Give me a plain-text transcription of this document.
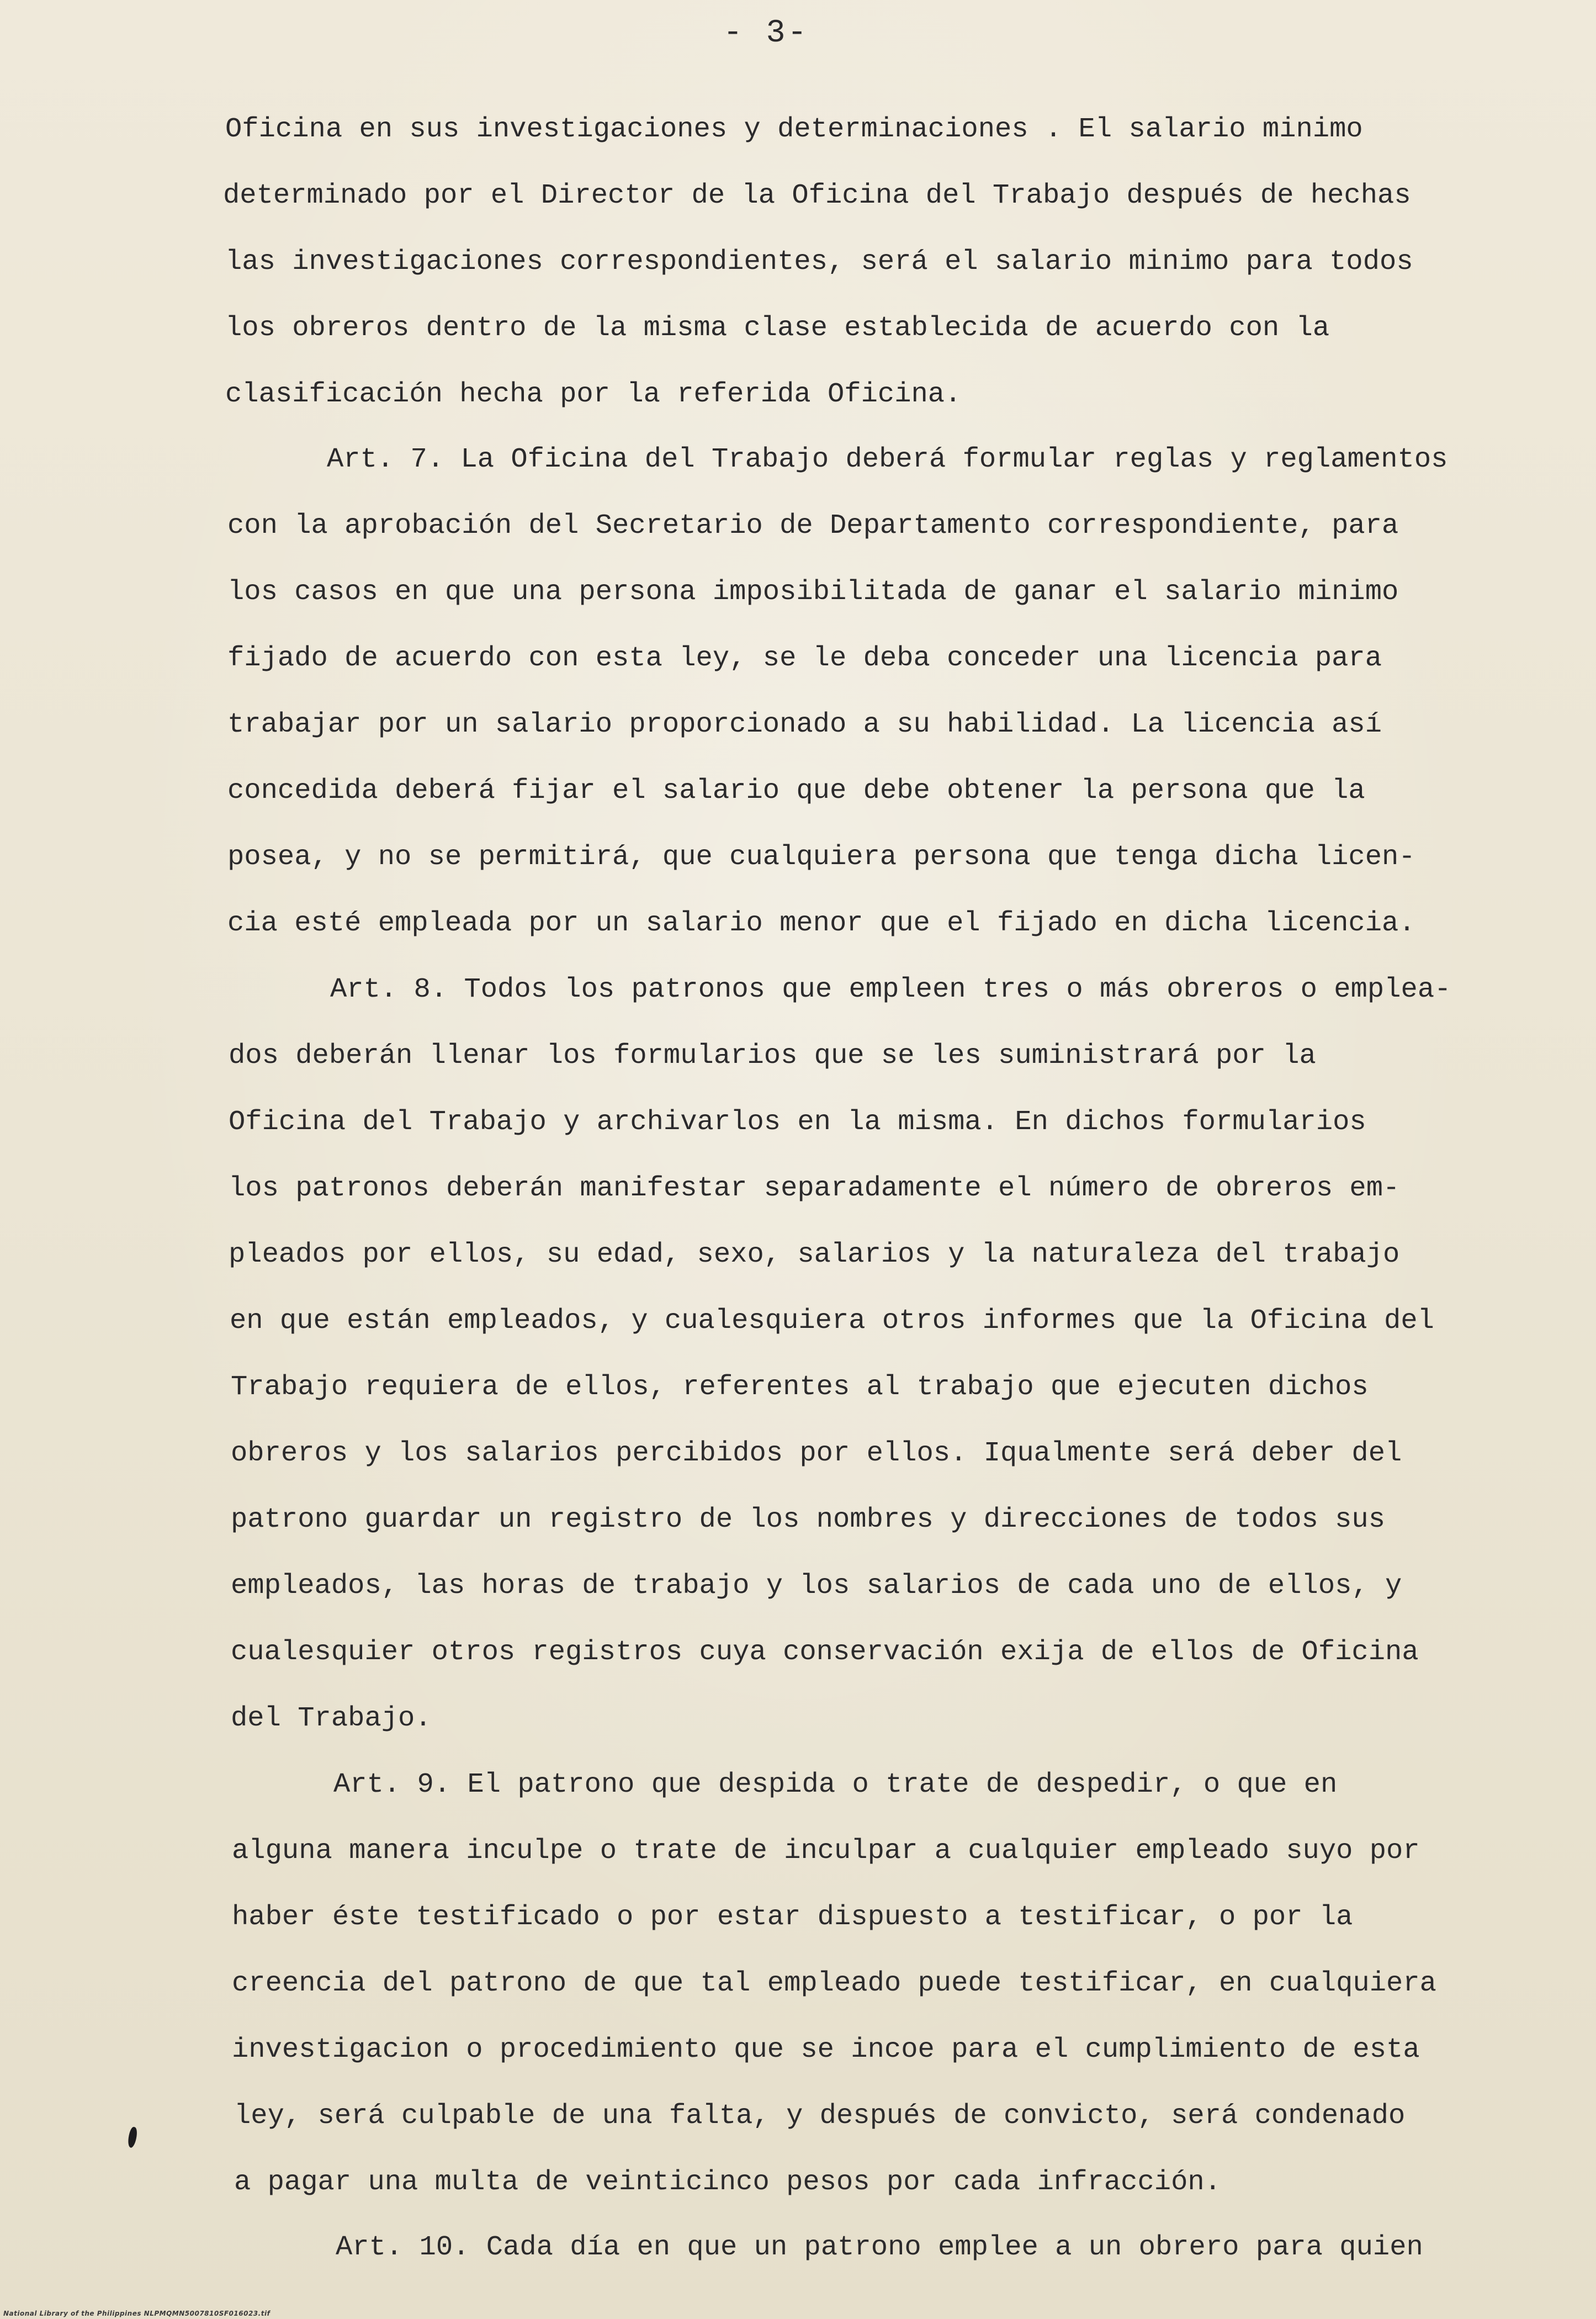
- 3-
Oficina en sus investigaciones y determinaciones . El salario minimo
determinado por el Director de la Oficina del Trabajo después de hechas
las investigaciones correspondientes, será el salario minimo para todos
los obreros dentro de la misma clase establecida de acuerdo con la
clasificación hecha por la referida Oficina.
Art. 7. La Oficina del Trabajo deberá formular reglas y reglamentos
con la aprobación del Secretario de Departamento correspondiente, para
los casos en que una persona imposibilitada de ganar el salario minimo
fijado de acuerdo con esta ley, se le deba conceder una licencia para
trabajar por un salario proporcionado a su habilidad. La licencia así
concedida deberá fijar el salario que debe obtener la persona que la
posea, y no se permitirá, que cualquiera persona que tenga dicha licen-
cia esté empleada por un salario menor que el fijado en dicha licencia.
Art. 8. Todos los patronos que empleen tres o más obreros o emplea-
dos deberán llenar los formularios que se les suministrará por la
Oficina del Trabajo y archivarlos en la misma. En dichos formularios
los patronos deberán manifestar separadamente el número de obreros em-
pleados por ellos, su edad, sexo, salarios y la naturaleza del trabajo
en que están empleados, y cualesquiera otros informes que la Oficina del
Trabajo requiera de ellos, referentes al trabajo que ejecuten dichos
obreros y los salarios percibidos por ellos. Iqualmente será deber del
patrono guardar un registro de los nombres y direcciones de todos sus
empleados, las horas de trabajo y los salarios de cada uno de ellos, y
cualesquier otros registros cuya conservación exija de ellos de Oficina
del Trabajo.
Art. 9. El patrono que despida o trate de despedir, o que en
alguna manera inculpe o trate de inculpar a cualquier empleado suyo por
haber éste testificado o por estar dispuesto a testificar, o por la
creencia del patrono de que tal empleado puede testificar, en cualquiera
investigacion o procedimiento que se incoe para el cumplimiento de esta
ley, será culpable de una falta, y después de convicto, será condenado
a pagar una multa de veinticinco pesos por cada infracción.
Art. 10. Cada día en que un patrono emplee a un obrero para quien
National Library of the Philippines NLPMQMN5007810SF016023.tif
